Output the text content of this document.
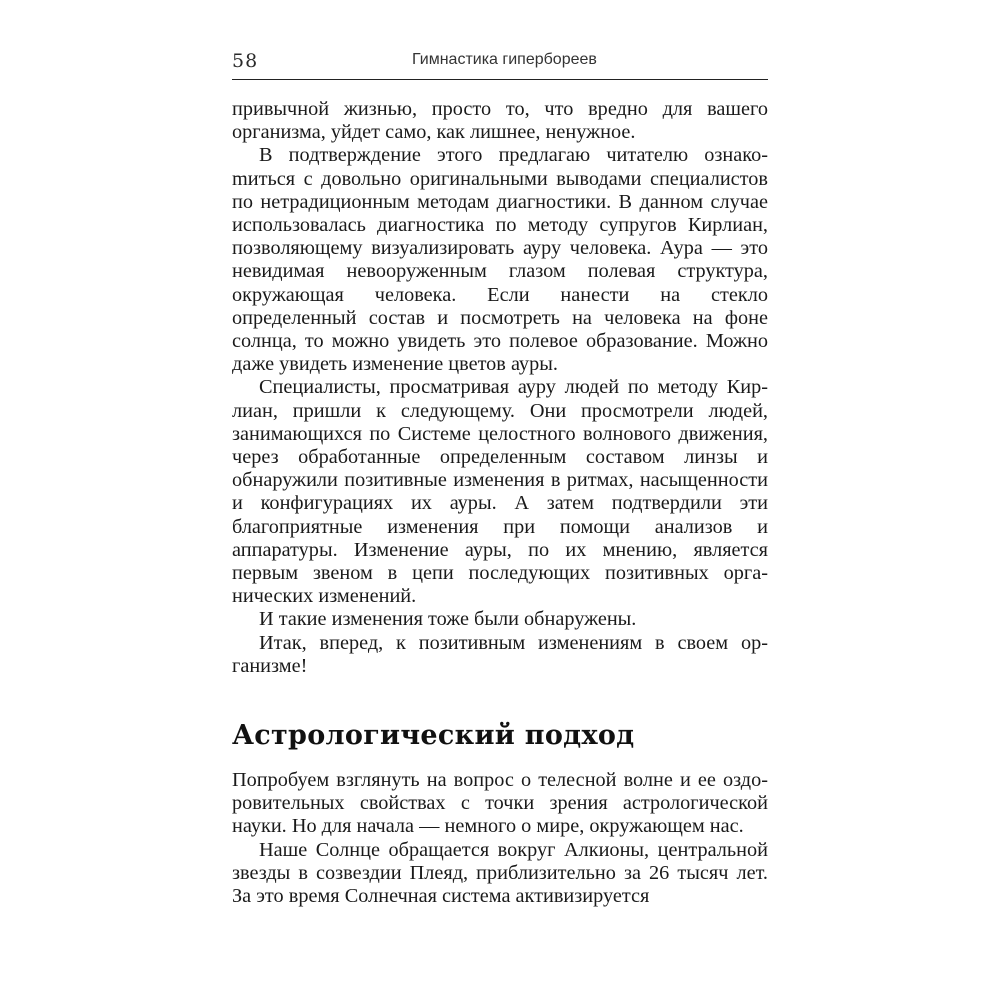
58	Гимнастика гипербореев

привычной жизнью, просто то, что вредно для вашего организма, уйдет само, как лишнее, ненужное.

В подтверждение этого предлагаю читателю ознакоmиться с довольно оригинальными выводами специалистов по нетрадиционным методам диагностики. В данном случае использовалась диагностика по методу супругов Кирлиан, позволяющему визуализировать ауру человека. Аура — это невидимая невооруженным глазом полевая структура, окружающая человека. Если нанести на стекло определенный состав и посмотреть на человека на фоне солнца, то можно увидеть это полевое образование. Можно даже увидеть изменение цветов ауры.

Специалисты, просматривая ауру людей по методу Кирлиан, пришли к следующему. Они просмотрели людей, занимающихся по Системе целостного волнового движения, через обработанные определенным составом линзы и обнаружили позитивные изменения в ритмах, насыщенности и конфигурациях их ауры. А затем подтвердили эти благоприятные изменения при помощи анализов и аппаратуры. Изменение ауры, по их мнению, является первым звеном в цепи последующих позитивных органических изменений.

И такие изменения тоже были обнаружены.

Итак, вперед, к позитивным изменениям в своем организме!

Астрологический подход

Попробуем взглянуть на вопрос о телесной волне и ее оздоровительных свойствах с точки зрения астрологической науки. Но для начала — немного о мире, окружающем нас.

Наше Солнце обращается вокруг Алкионы, центральной звезды в созвездии Плеяд, приблизительно за 26 тысяч лет. За это время Солнечная система активизируется
